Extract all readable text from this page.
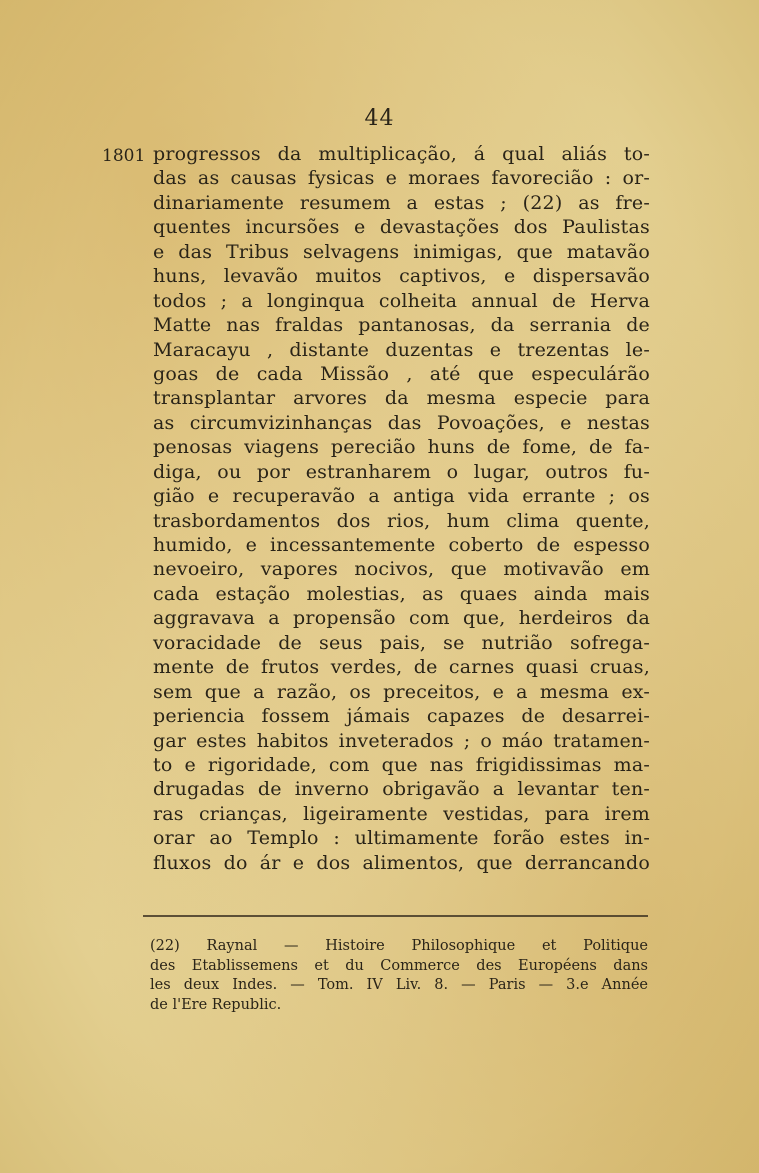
44
1801 progressos da multiplicação, á qual aliás to-
das as causas fysicas e moraes favorecião : or-
dinariamente resumem a estas ; (22) as fre-
quentes incursões e devastações dos Paulistas
e das Tribus selvagens inimigas, que matavão
huns, levavão muitos captivos, e dispersavão
todos ; a longinqua colheita annual de Herva
Matte nas fraldas pantanosas, da serrania de
Maracayu , distante duzentas e trezentas le-
goas de cada Missão , até que especulárão
transplantar arvores da mesma especie para
as circumvizinhanças das Povoações, e nestas
penosas viagens perecião huns de fome, de fa-
diga, ou por estranharem o lugar, outros fu-
gião e recuperavão a antiga vida errante ; os
trasbordamentos dos rios, hum clima quente,
humido, e incessantemente coberto de espesso
nevoeiro, vapores nocivos, que motivavão em
cada estação molestias, as quaes ainda mais
aggravava a propensão com que, herdeiros da
voracidade de seus pais, se nutrião sofrega-
mente de frutos verdes, de carnes quasi cruas,
sem que a razão, os preceitos, e a mesma ex-
periencia fossem jámais capazes de desarrei-
gar estes habitos inveterados ; o máo tratamen-
to e rigoridade, com que nas frigidissimas ma-
drugadas de inverno obrigavão a levantar ten-
ras crianças, ligeiramente vestidas, para irem
orar ao Templo : ultimamente forão estes in-
fluxos do ár e dos alimentos, que derrancando
(22) Raynal — Histoire Philosophique et Politique
des Etablissemens et du Commerce des Européens dans
les deux Indes. — Tom. IV Liv. 8. — Paris — 3.e Année
de l'Ere Republic.
